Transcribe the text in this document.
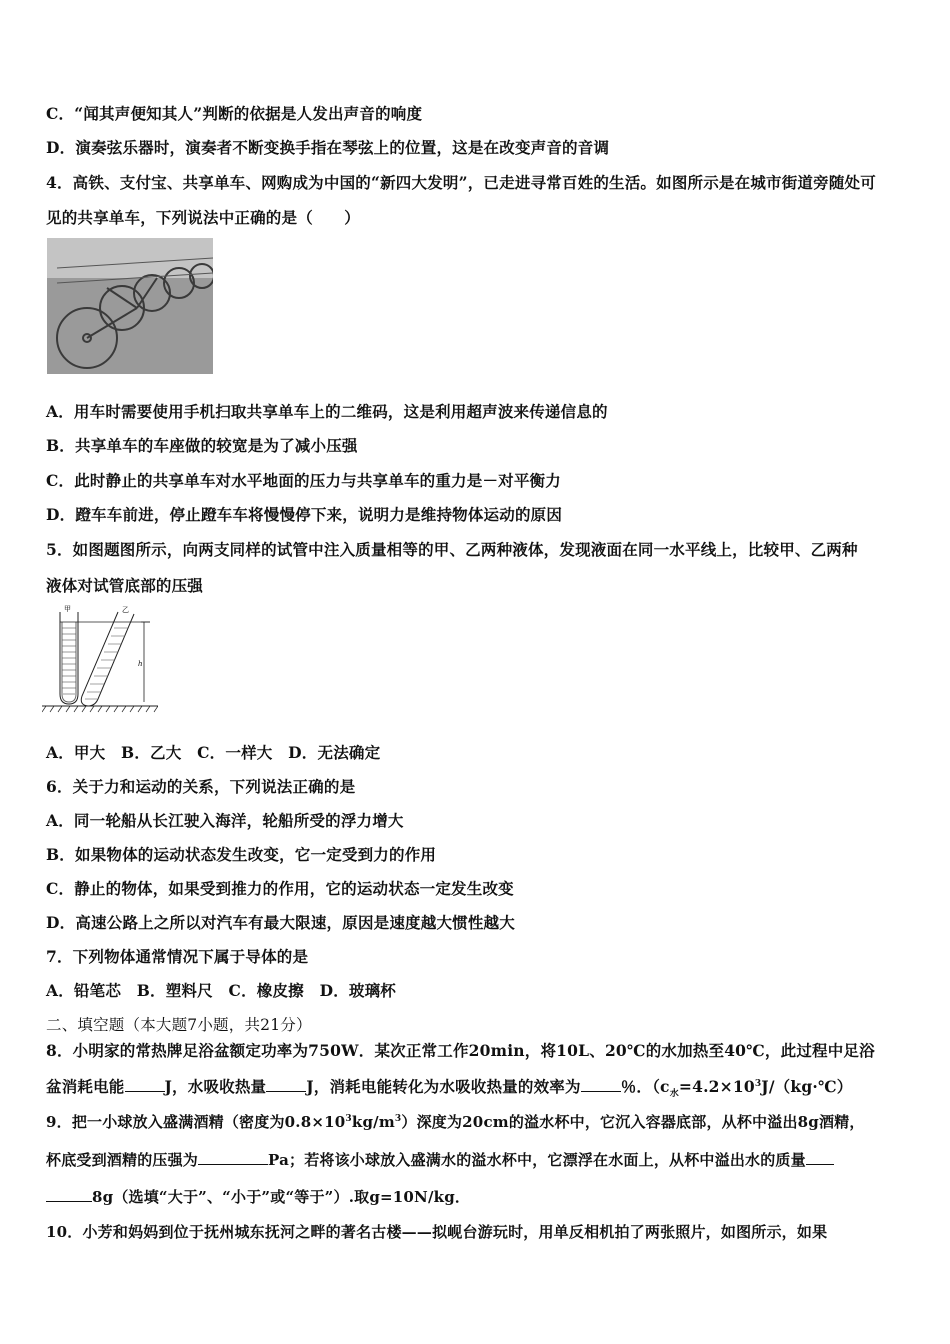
C．“闻其声便知其人”判断的依据是人发出声音的响度
D．演奏弦乐器时，演奏者不断变换手指在琴弦上的位置，这是在改变声音的音调
4．高铁、支付宝、共享单车、网购成为中国的“新四大发明”，已走进寻常百姓的生活。如图所示是在城市街道旁随处可
见的共享单车，下列说法中正确的是（　　）
A．用车时需要使用手机扫取共享单车上的二维码，这是利用超声波来传递信息的
B．共享单车的车座做的较宽是为了减小压强
C．此时静止的共享单车对水平地面的压力与共享单车的重力是－对平衡力
D．蹬车车前进，停止蹬车车将慢慢停下来，说明力是维持物体运动的原因
5．如图题图所示，向两支同样的试管中注入质量相等的甲、乙两种液体，发现液面在同一水平线上，比较甲、乙两种
液体对试管底部的压强
甲	乙
h
A．甲大　B．乙大　C．一样大　D．无法确定
6．关于力和运动的关系，下列说法正确的是
A．同一轮船从长江驶入海洋，轮船所受的浮力增大
B．如果物体的运动状态发生改变，它一定受到力的作用
C．静止的物体，如果受到推力的作用，它的运动状态一定发生改变
D．高速公路上之所以对汽车有最大限速，原因是速度越大惯性越大
7．下列物体通常情况下属于导体的是
A．铅笔芯　B．塑料尺　C．橡皮擦　D．玻璃杯
二、填空题（本大题7小题，共21分）
8．小明家的常热牌足浴盆额定功率为750W．某次正常工作20min，将10L、20℃的水加热至40℃，此过程中足浴
盆消耗电能	J，水吸收热量	J，消耗电能转化为水吸收热量的效率为	％．（$c_水=4.2\times 10^3J/(kg\cdot℃)$
9．把一小球放入盛满酒精（密度为$0.8\times 10^3kg/m^3$）深度为20cm的溢水杯中，它沉入容器底部，从杯中溢出8g酒精，
杯底受到酒精的压强为	Pa；若将该小球放入盛满水的溢水杯中，它漂浮在水面上，从杯中溢出水的质量
8g（选填“大于”、“小于”或“等于”）.取g=10N/kg．
10．小芳和妈妈到位于抚州城东抚河之畔的著名古楼——拟岘台游玩时，用单反相机拍了两张照片，如图所示，如果
